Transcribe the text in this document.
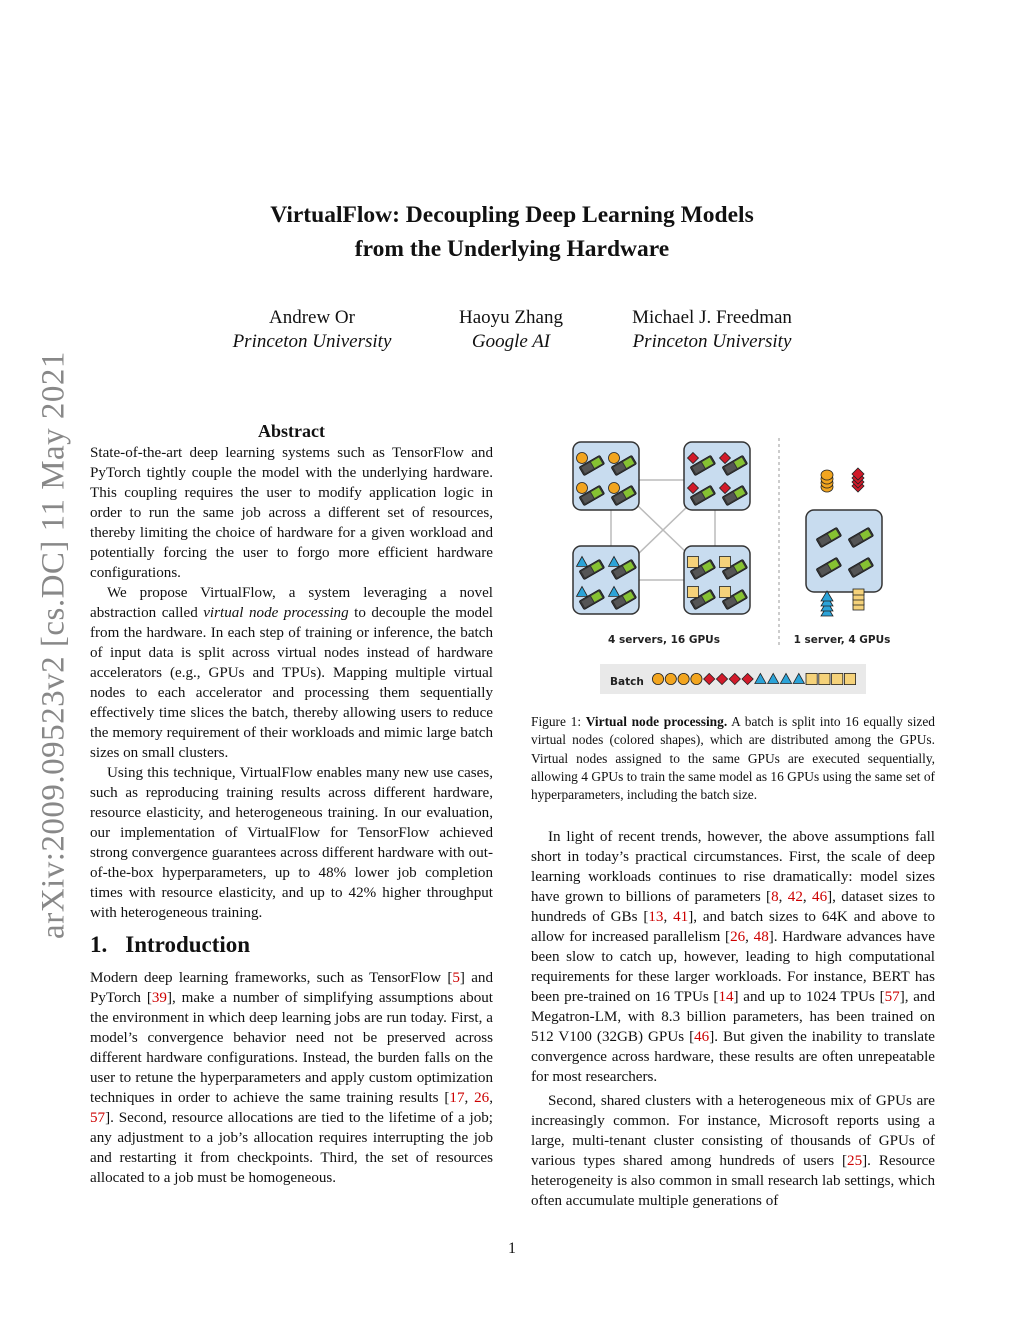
arXiv:2009.09523v2 [cs.DC] 11 May 2021
VirtualFlow: Decoupling Deep Learning Models
from the Underlying Hardware
Andrew Or
Princeton University
Haoyu Zhang
Google AI
Michael J. Freedman
Princeton University
Abstract

State-of-the-art deep learning systems such as TensorFlow and PyTorch tightly couple the model with the underlying hardware. This coupling requires the user to modify application logic in order to run the same job across a different set of resources, thereby limiting the choice of hardware for a given workload and potentially forcing the user to forgo more efficient hardware configurations.

We propose VirtualFlow, a system leveraging a novel abstraction called virtual node processing to decouple the model from the hardware. In each step of training or inference, the batch of input data is split across virtual nodes instead of hardware accelerators (e.g., GPUs and TPUs). Mapping multiple virtual nodes to each accelerator and processing them sequentially effectively time slices the batch, thereby allowing users to reduce the memory requirement of their workloads and mimic large batch sizes on small clusters.

Using this technique, VirtualFlow enables many new use cases, such as reproducing training results across different hardware, resource elasticity, and heterogeneous training. In our evaluation, our implementation of VirtualFlow for TensorFlow achieved strong convergence guarantees across different hardware with out-of-the-box hyperparameters, up to 48% lower job completion times with resource elasticity, and up to 42% higher throughput with heterogeneous training.

1. Introduction

Modern deep learning frameworks, such as TensorFlow [5] and PyTorch [39], make a number of simplifying assumptions about the environment in which deep learning jobs are run today. First, a model’s convergence behavior need not be preserved across different hardware configurations. Instead, the burden falls on the user to retune the hyperparameters and apply custom optimization techniques in order to achieve the same training results [17, 26, 57]. Second, resource allocations are tied to the lifetime of a job; any adjustment to a job’s allocation requires interrupting the job and restarting it from checkpoints. Third, the set of resources allocated to a job must be homogeneous.

4 servers, 16 GPUs	1 server, 4 GPUs
Batch
Figure 1: Virtual node processing. A batch is split into 16 equally sized virtual nodes (colored shapes), which are distributed among the GPUs. Virtual nodes assigned to the same GPUs are executed sequentially, allowing 4 GPUs to train the same model as 16 GPUs using the same set of hyperparameters, including the batch size.

In light of recent trends, however, the above assumptions fall short in today’s practical circumstances. First, the scale of deep learning workloads continues to rise dramatically: model sizes have grown to billions of parameters [8, 42, 46], dataset sizes to hundreds of GBs [13, 41], and batch sizes to 64K and above to allow for increased parallelism [26, 48]. Hardware advances have been slow to catch up, however, leading to high computational requirements for these larger workloads. For instance, BERT has been pre-trained on 16 TPUs [14] and up to 1024 TPUs [57], and Megatron-LM, with 8.3 billion parameters, has been trained on 512 V100 (32GB) GPUs [46]. But given the inability to translate convergence across hardware, these results are often unrepeatable for most researchers.

Second, shared clusters with a heterogeneous mix of GPUs are increasingly common. For instance, Microsoft reports using a large, multi-tenant cluster consisting of thousands of GPUs of various types shared among hundreds of users [25]. Resource heterogeneity is also common in small research lab settings, which often accumulate multiple generations of

1
